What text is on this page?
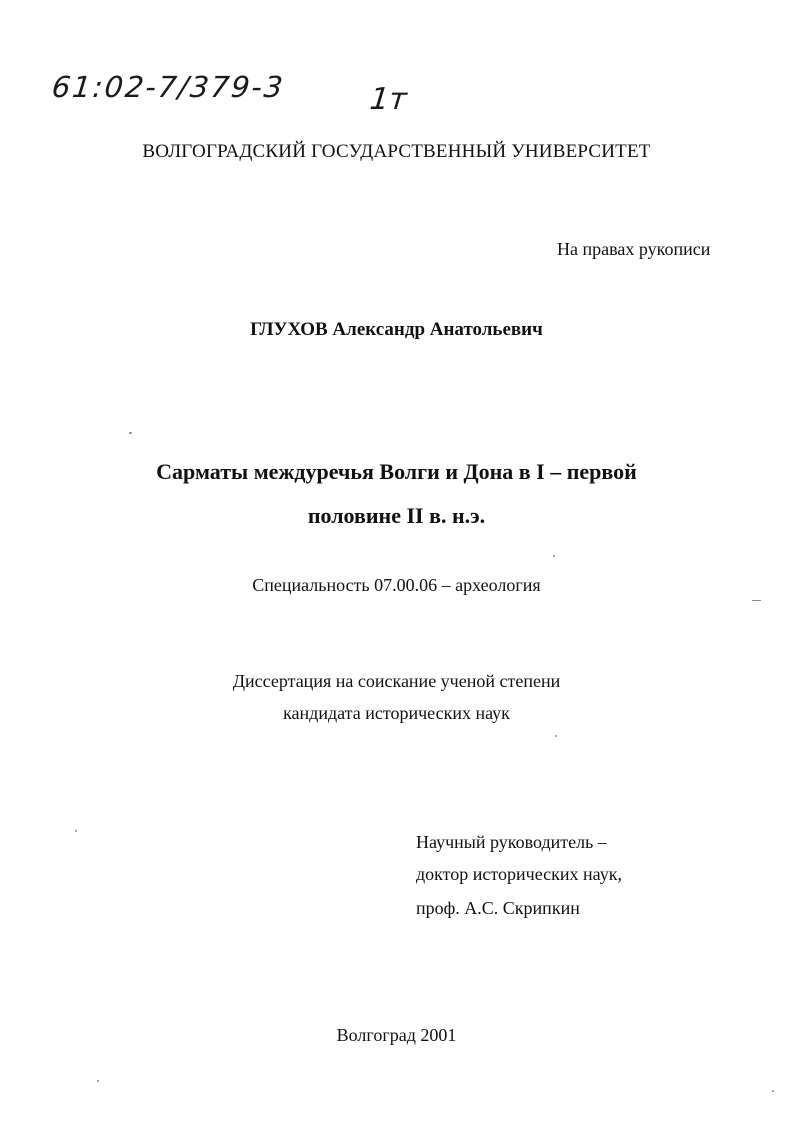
61:02-7/379-3	1т
ВОЛГОГРАДСКИЙ ГОСУДАРСТВЕННЫЙ УНИВЕРСИТЕТ
На правах рукописи
ГЛУХОВ Александр Анатольевич
Сарматы междуречья Волги и Дона в I – первой
половине II в. н.э.
Специальность 07.00.06 – археология
Диссертация на соискание ученой степени
кандидата исторических наук
Научный руководитель –
доктор исторических наук,
проф. А.С. Скрипкин
Волгоград 2001
